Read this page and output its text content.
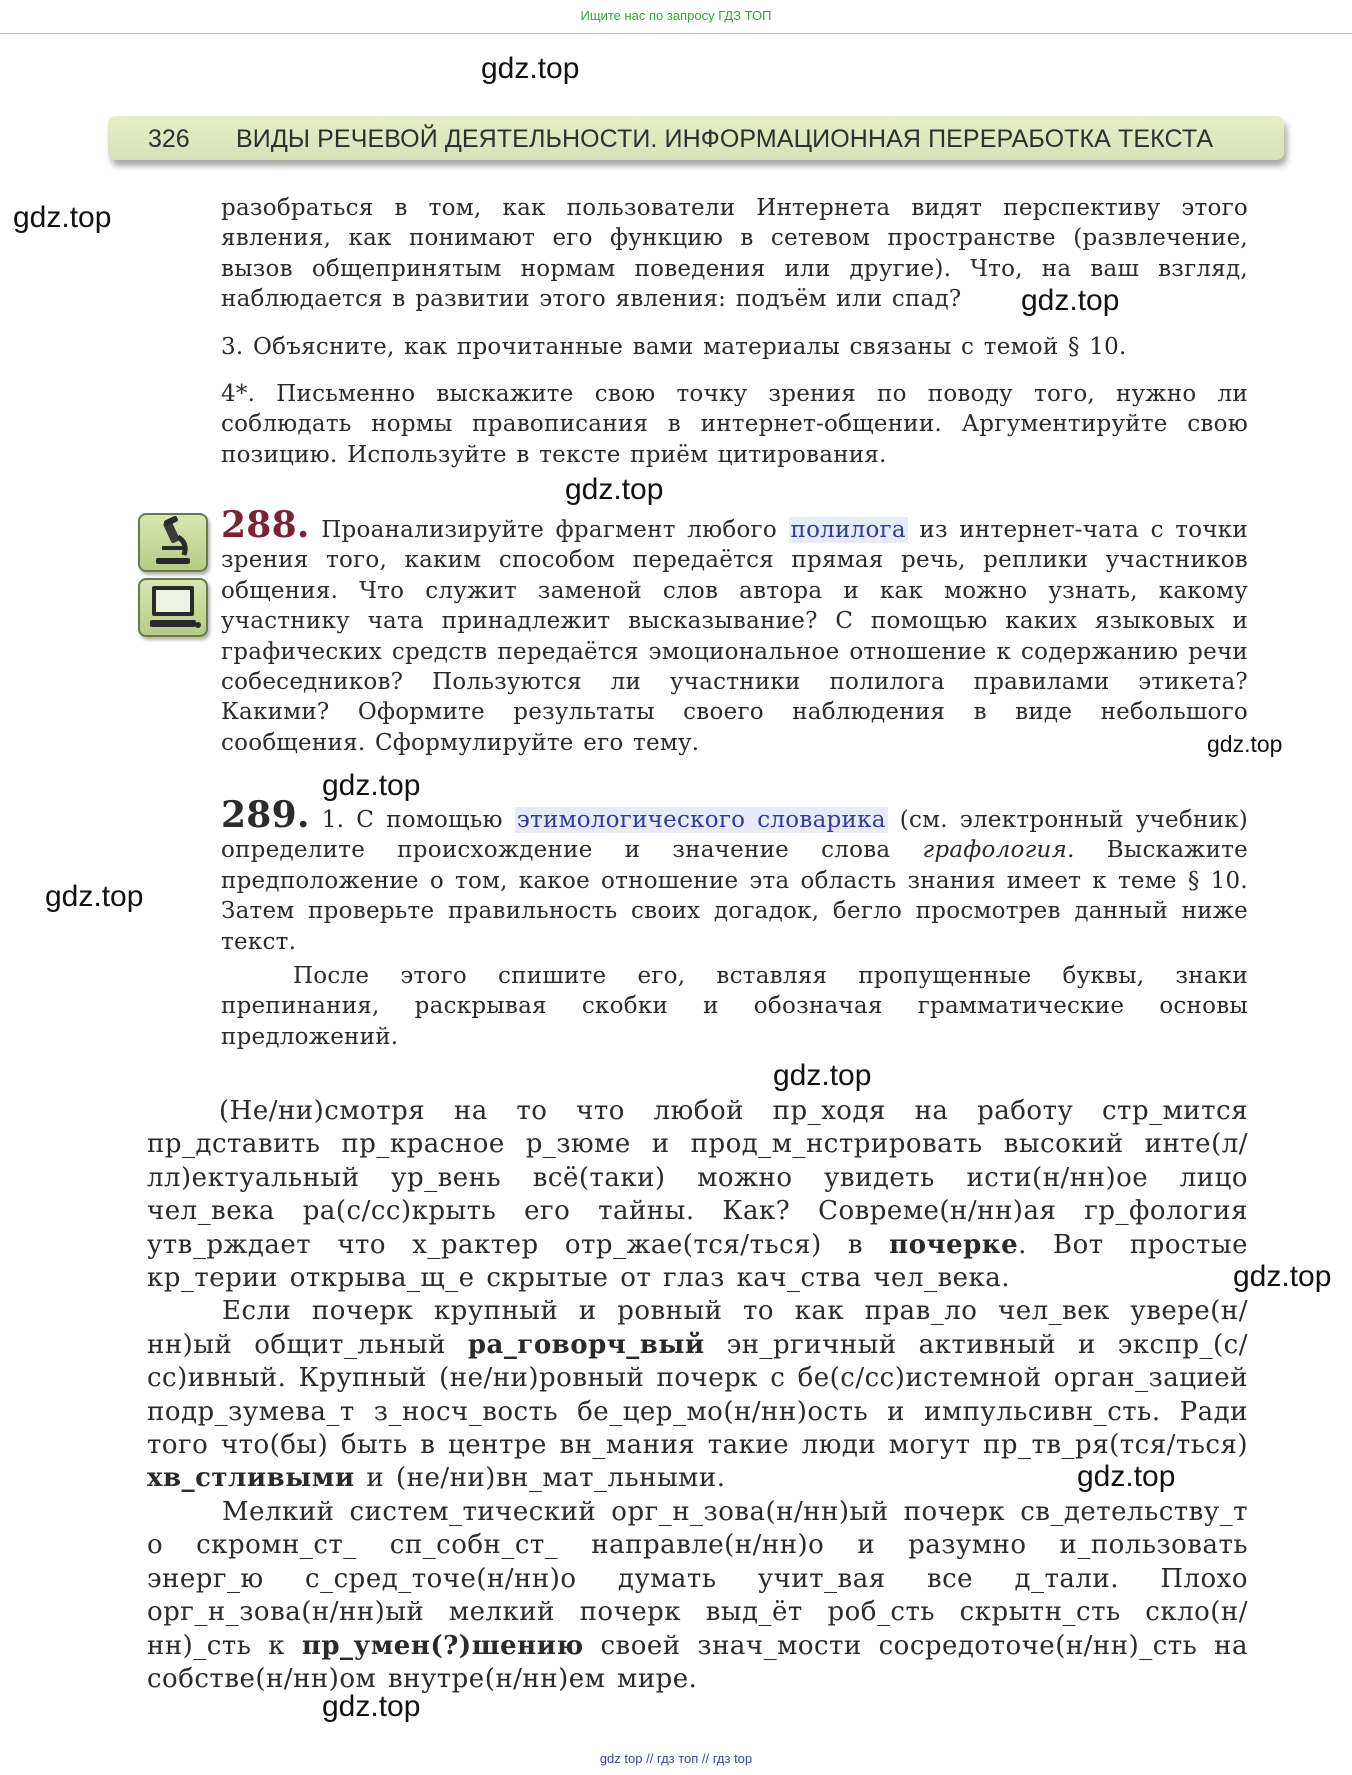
Ищите нас по запросу ГДЗ ТОП
326 ВИДЫ РЕЧЕВОЙ ДЕЯТЕЛЬНОСТИ. ИНФОРМАЦИОННАЯ ПЕРЕРАБОТКА ТЕКСТА
разобраться в том, как пользователи Интернета видят перспективу этого явления, как понимают его функцию в сетевом пространстве (развлечение, вызов общепринятым нормам поведения или другие). Что, на ваш взгляд, наблюдается в развитии этого явления: подъём или спад?
3. Объясните, как прочитанные вами материалы связаны с темой § 10.
4*. Письменно выскажите свою точку зрения по поводу того, нужно ли соблюдать нормы правописания в интернет-общении. Аргументируйте свою позицию. Используйте в тексте приём цитирования.
288. Проанализируйте фрагмент любого полилога из интернет-чата с точки зрения того, каким способом передаётся прямая речь, реплики участников общения. Что служит заменой слов автора и как можно узнать, какому участнику чата принадлежит высказывание? С помощью каких языковых и графических средств передаётся эмоциональное отношение к содержанию речи собеседников? Пользуются ли участники полилога правилами этикета? Какими? Оформите результаты своего наблюдения в виде небольшого сообщения. Сформулируйте его тему.
289. 1. С помощью этимологического словарика (см. электронный учебник) определите происхождение и значение слова графология. Выскажите предположение о том, какое отношение эта область знания имеет к теме § 10. Затем проверьте правильность своих догадок, бегло просмотрев данный ниже текст.
После этого спишите его, вставляя пропущенные буквы, знаки препинания, раскрывая скобки и обозначая грамматические основы предложений.

(Не/ни)смотря на то что любой пр_ходя на работу стр_мится пр_дставить пр_красное р_зюме и прод_м_нстрировать высокий инте(л/лл)ектуальный ур_вень всё(таки) можно увидеть исти(н/нн)ое лицо чел_века ра(с/сс)крыть его тайны. Как? Совреме(н/нн)ая гр_фология утв_рждает что х_рактер отр_жае(тся/ться) в почерке. Вот простые кр_терии открыва_щ_е скрытые от глаз кач_ства чел_века.

Если почерк крупный и ровный то как прав_ло чел_век увере(н/нн)ый общит_льный ра_говорч_вый эн_ргичный активный и экспр_(с/сс)ивный. Крупный (не/ни)ровный почерк с бе(с/сс)истемной орган_зацией подр_зумева_т з_носч_вость бе_цер_мо(н/нн)ость и импульсивн_сть. Ради того что(бы) быть в центре вн_мания такие люди могут пр_тв_ря(тся/ться) хв_стливыми и (не/ни)вн_мат_льными.

Мелкий систем_тический орг_н_зова(н/нн)ый почерк св_детельству_т о скромн_ст_ сп_собн_ст_ направле(н/нн)о и разумно и_пользовать энерг_ю с_сред_точе(н/нн)о думать учит_вая все д_тали. Плохо орг_н_зова(н/нн)ый мелкий почерк выд_ёт роб_сть скрытн_сть скло(н/нн)_сть к пр_умен(?)шению своей знач_мости сосредоточе(н/нн)_сть на собстве(н/нн)ом внутре(н/нн)ем мире.

gdz.top
gdz.top
gdz.top
gdz.top
gdz.top
gdz.top
gdz.top
gdz.top
gdz.top
gdz.top
gdz.top
gdz top // гдз топ // гдз top
